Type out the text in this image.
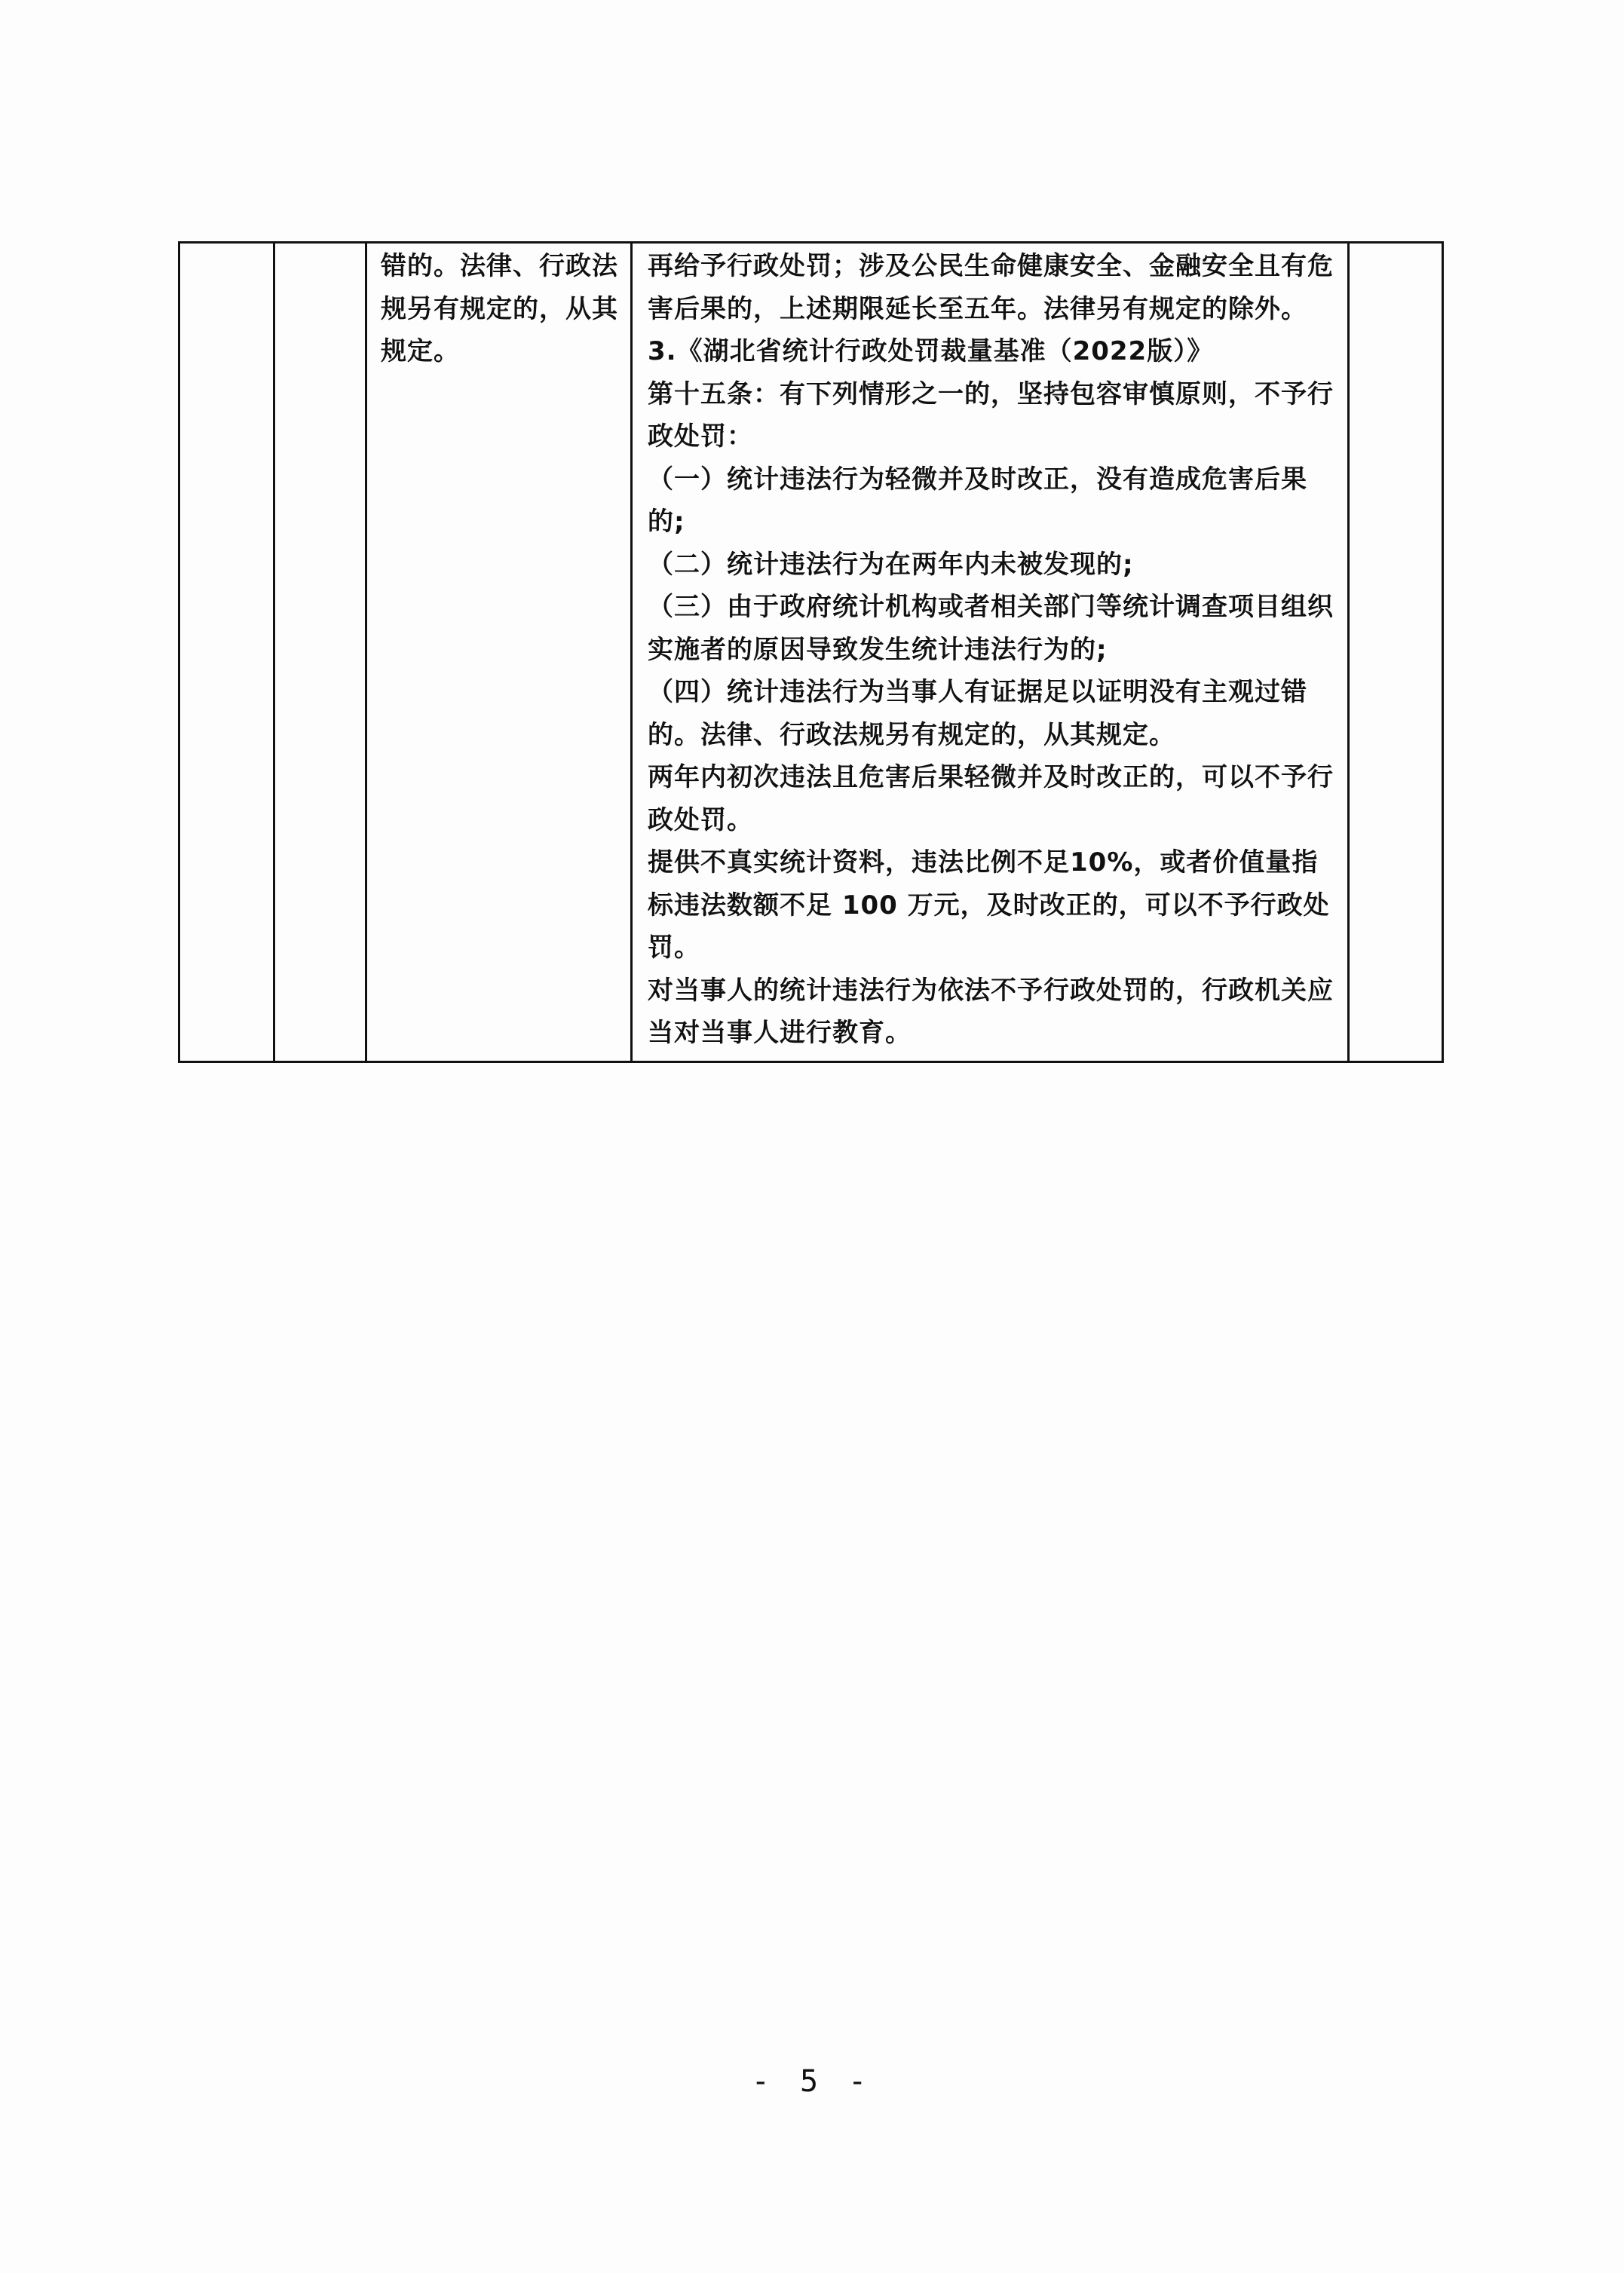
错的。法律、行政法规另有规定的，从其规定。

再给予行政处罚；涉及公民生命健康安全、金融安全且有危害后果的，上述期限延长至五年。法律另有规定的除外。

3.《湖北省统计行政处罚裁量基准（2022版）》

第十五条：有下列情形之一的，坚持包容审慎原则，不予行政处罚：

（一）统计违法行为轻微并及时改正，没有造成危害后果的;

（二）统计违法行为在两年内未被发现的;

（三）由于政府统计机构或者相关部门等统计调查项目组织实施者的原因导致发生统计违法行为的;

（四）统计违法行为当事人有证据足以证明没有主观过错的。法律、行政法规另有规定的，从其规定。

两年内初次违法且危害后果轻微并及时改正的，可以不予行政处罚。

提供不真实统计资料，违法比例不足10%，或者价值量指标违法数额不足 100 万元，及时改正的，可以不予行政处罚。

对当事人的统计违法行为依法不予行政处罚的，行政机关应当对当事人进行教育。

- 5 -
